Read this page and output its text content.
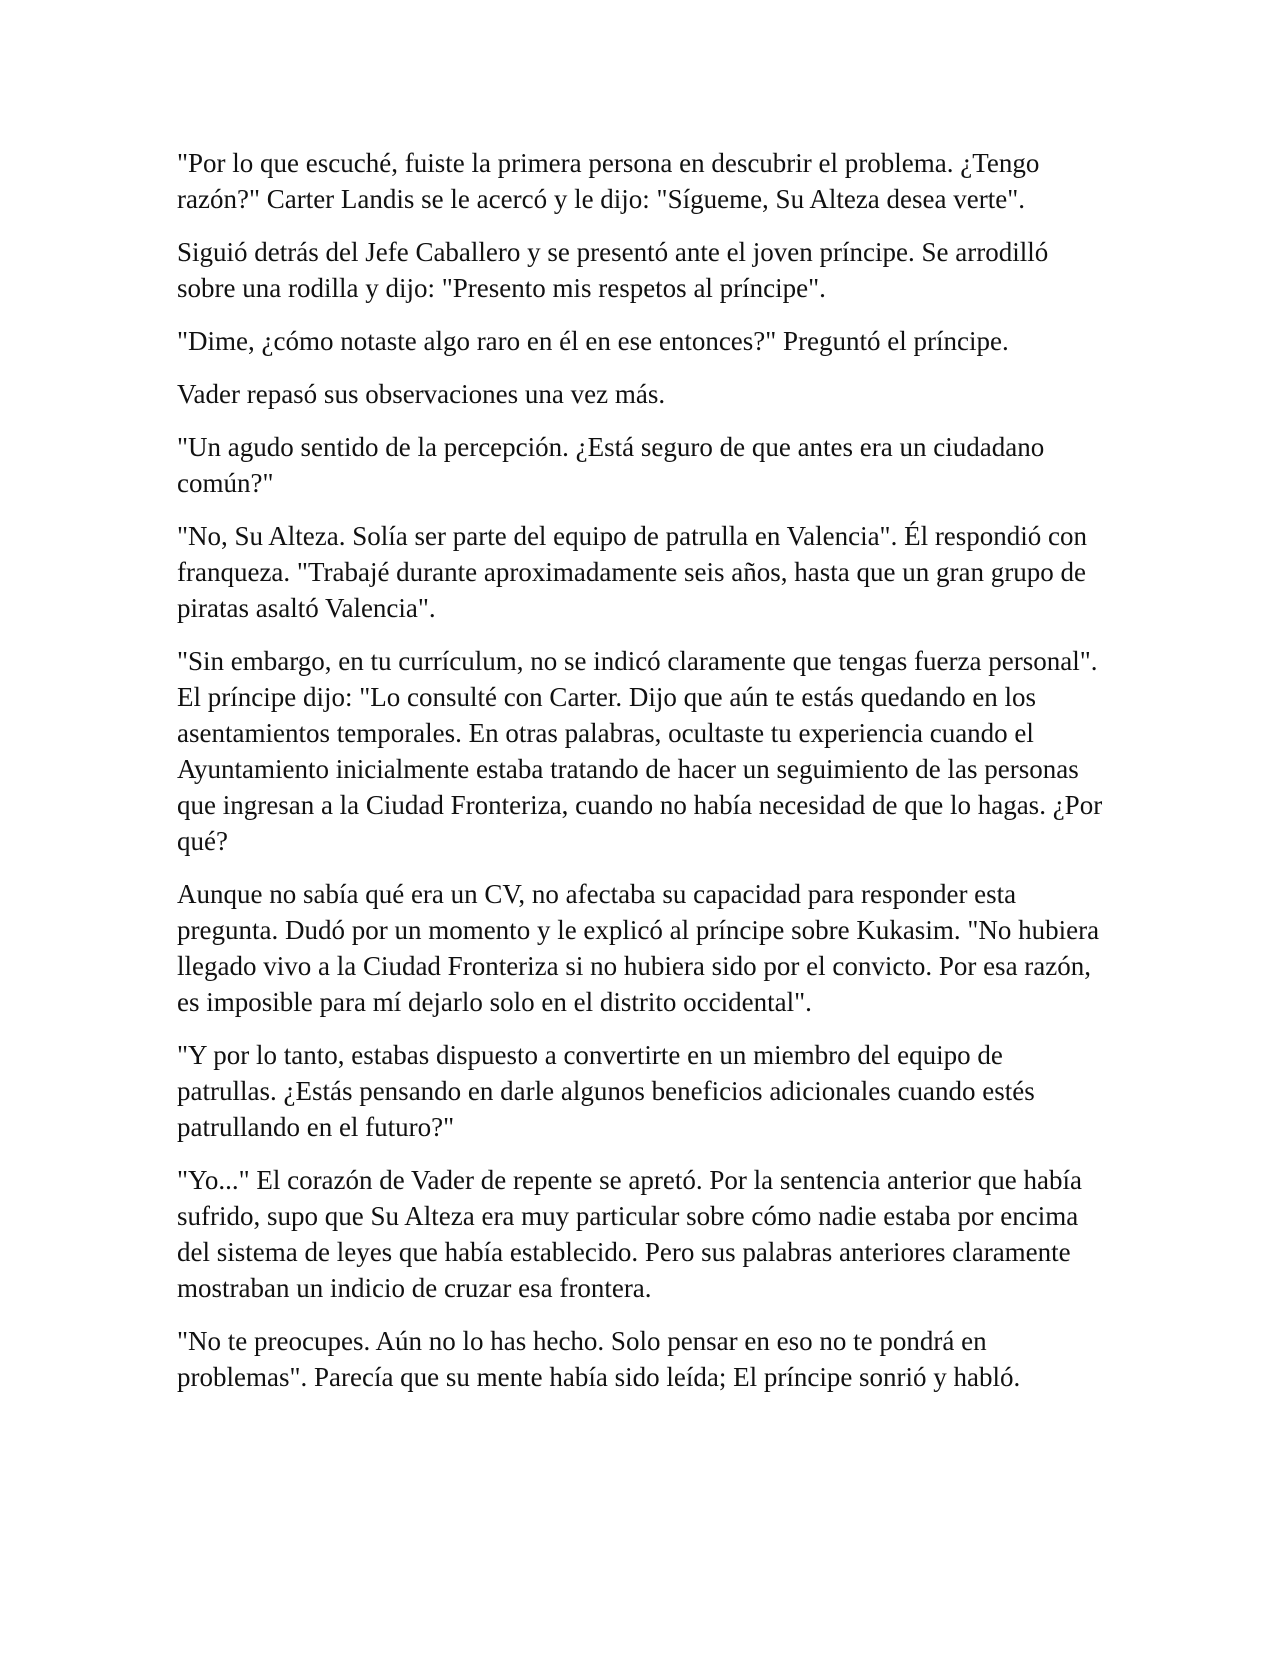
"Por lo que escuché, fuiste la primera persona en descubrir el problema. ¿Tengo razón?" Carter Landis se le acercó y le dijo: "Sígueme, Su Alteza desea verte".

Siguió detrás del Jefe Caballero y se presentó ante el joven príncipe. Se arrodilló sobre una rodilla y dijo: "Presento mis respetos al príncipe".

"Dime, ¿cómo notaste algo raro en él en ese entonces?" Preguntó el príncipe.

Vader repasó sus observaciones una vez más.

"Un agudo sentido de la percepción. ¿Está seguro de que antes era un ciudadano común?"

"No, Su Alteza. Solía ser parte del equipo de patrulla en Valencia". Él respondió con franqueza. "Trabajé durante aproximadamente seis años, hasta que un gran grupo de piratas asaltó Valencia".

"Sin embargo, en tu currículum, no se indicó claramente que tengas fuerza personal". El príncipe dijo: "Lo consulté con Carter. Dijo que aún te estás quedando en los asentamientos temporales. En otras palabras, ocultaste tu experiencia cuando el Ayuntamiento inicialmente estaba tratando de hacer un seguimiento de las personas que ingresan a la Ciudad Fronteriza, cuando no había necesidad de que lo hagas. ¿Por qué?

Aunque no sabía qué era un CV, no afectaba su capacidad para responder esta pregunta. Dudó por un momento y le explicó al príncipe sobre Kukasim. "No hubiera llegado vivo a la Ciudad Fronteriza si no hubiera sido por el convicto. Por esa razón, es imposible para mí dejarlo solo en el distrito occidental".

"Y por lo tanto, estabas dispuesto a convertirte en un miembro del equipo de patrullas. ¿Estás pensando en darle algunos beneficios adicionales cuando estés patrullando en el futuro?"

"Yo..." El corazón de Vader de repente se apretó. Por la sentencia anterior que había sufrido, supo que Su Alteza era muy particular sobre cómo nadie estaba por encima del sistema de leyes que había establecido. Pero sus palabras anteriores claramente mostraban un indicio de cruzar esa frontera.

"No te preocupes. Aún no lo has hecho. Solo pensar en eso no te pondrá en problemas". Parecía que su mente había sido leída; El príncipe sonrió y habló.
